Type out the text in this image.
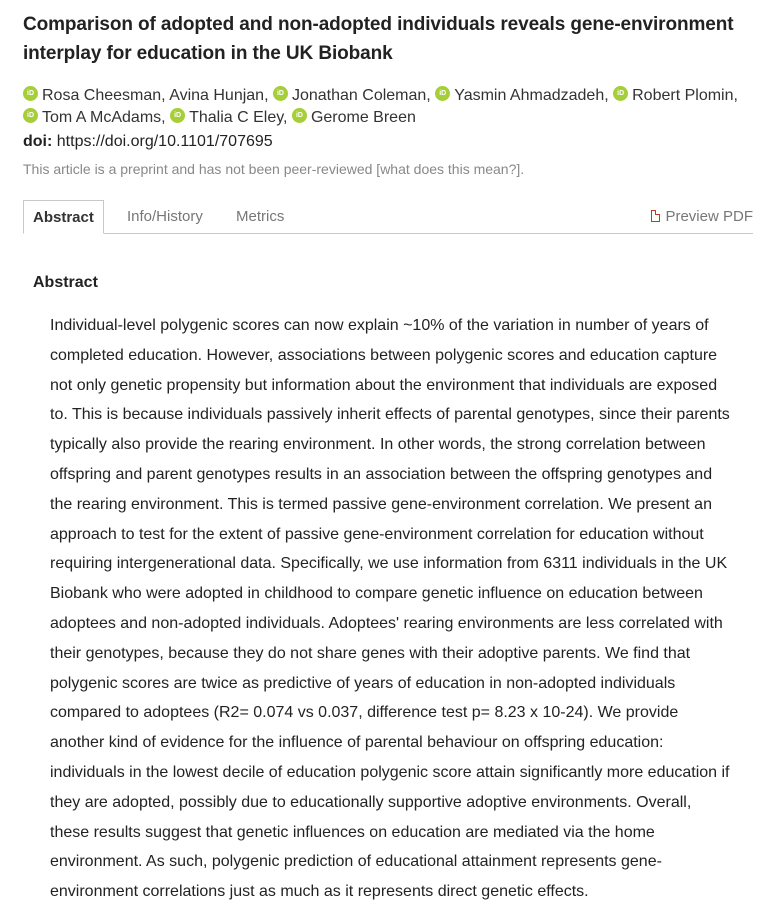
Comparison of adopted and non-adopted individuals reveals gene-environment interplay for education in the UK Biobank
iD Rosa Cheesman, Avina Hunjan,	iD Jonathan Coleman,	iD Yasmin Ahmadzadeh,	iD Robert Plomin,
iD Tom A McAdams,	iD Thalia C Eley,	iD Gerome Breen
doi: https://doi.org/10.1101/707695
This article is a preprint and has not been peer-reviewed [what does this mean?].
Abstract	Info/History Metrics	Preview PDF
Abstract
Individual-level polygenic scores can now explain ~10% of the variation in number of years of completed education. However, associations between polygenic scores and education capture not only genetic propensity but information about the environment that individuals are exposed to. This is because individuals passively inherit effects of parental genotypes, since their parents typically also provide the rearing environment. In other words, the strong correlation between offspring and parent genotypes results in an association between the offspring genotypes and the rearing environment. This is termed passive gene-environment correlation. We present an approach to test for the extent of passive gene-environment correlation for education without requiring intergenerational data. Specifically, we use information from 6311 individuals in the UK Biobank who were adopted in childhood to compare genetic influence on education between adoptees and non-adopted individuals. Adoptees' rearing environments are less correlated with their genotypes, because they do not share genes with their adoptive parents. We find that polygenic scores are twice as predictive of years of education in non-adopted individuals compared to adoptees (R2= 0.074 vs 0.037, difference test p= 8.23 x 10-24). We provide another kind of evidence for the influence of parental behaviour on offspring education: individuals in the lowest decile of education polygenic score attain significantly more education if they are adopted, possibly due to educationally supportive adoptive environments. Overall, these results suggest that genetic influences on education are mediated via the home environment. As such, polygenic prediction of educational attainment represents gene-environment correlations just as much as it represents direct genetic effects.
